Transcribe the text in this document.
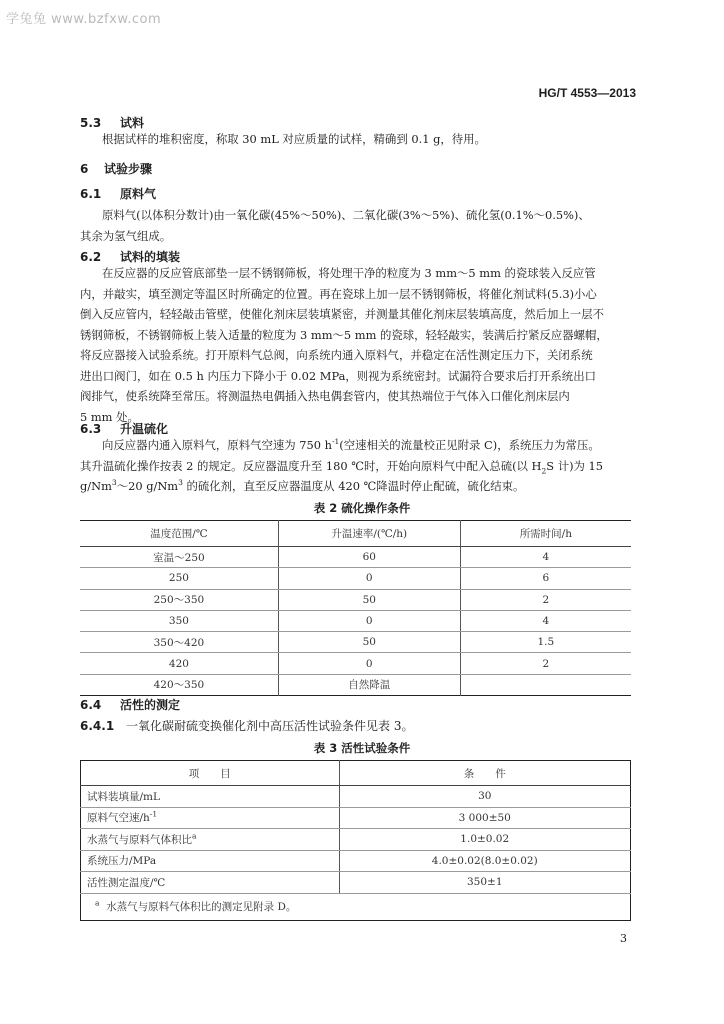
学兔兔 www.bzfxw.com
HG/T 4553—2013
5.3 试料
根据试样的堆积密度，称取 30 mL 对应质量的试样，精确到 0.1 g，待用。
6 试验步骤
6.1 原料气
原料气(以体积分数计)由一氧化碳(45%～50%)、二氧化碳(3%～5%)、硫化氢(0.1%～0.5%)、
其余为氢气组成。
6.2 试料的填装
在反应器的反应管底部垫一层不锈钢筛板，将处理干净的粒度为 3 mm～5 mm 的瓷球装入反应管
内，并敲实，填至测定等温区时所确定的位置。再在瓷球上加一层不锈钢筛板，将催化剂试料(5.3)小心
倒入反应管内，轻轻敲击管壁，使催化剂床层装填紧密，并测量其催化剂床层装填高度，然后加上一层不
锈钢筛板，不锈钢筛板上装入适量的粒度为 3 mm～5 mm 的瓷球，轻轻敲实，装满后拧紧反应器螺帽，
将反应器接入试验系统。打开原料气总阀，向系统内通入原料气，并稳定在活性测定压力下，关闭系统
进出口阀门，如在 0.5 h 内压力下降小于 0.02 MPa，则视为系统密封。试漏符合要求后打开系统出口
阀排气，使系统降至常压。将测温热电偶插入热电偶套管内，使其热端位于气体入口催化剂床层内
5 mm 处。
6.3 升温硫化
向反应器内通入原料气，原料气空速为 750 $h^{-1}$(空速相关的流量校正见附录 C)，系统压力为常压。
其升温硫化操作按表 2 的规定。反应器温度升至 180 ℃时，开始向原料气中配入总硫(以 $H_2S$ 计)为 15
g/Nm$^3$～20 g/Nm$^3$ 的硫化剂，直至反应器温度从 420 ℃降温时停止配硫，硫化结束。
表 2 硫化操作条件
温度范围/℃	升温速率/(℃/h)	所需时间/h
室温～250	60	4
250	0	6
250～350	50	2
350	0	4
350～420	50	1.5
420	0	2
420～350	自然降温	
6.4 活性的测定
6.4.1 一氧化碳耐硫变换催化剂中高压活性试验条件见表 3。
表 3 活性试验条件
项　　目	条　　件
试料装填量/mL	30
原料气空速$/h^{-1}$	3 000±50
水蒸气与原料气体积比$^a$	1.0±0.02
系统压力/MPa	4.0±0.02(8.0±0.02)
活性测定温度/℃	350±1
$^a$ 水蒸气与原料气体积比的测定见附录 D。	
3
